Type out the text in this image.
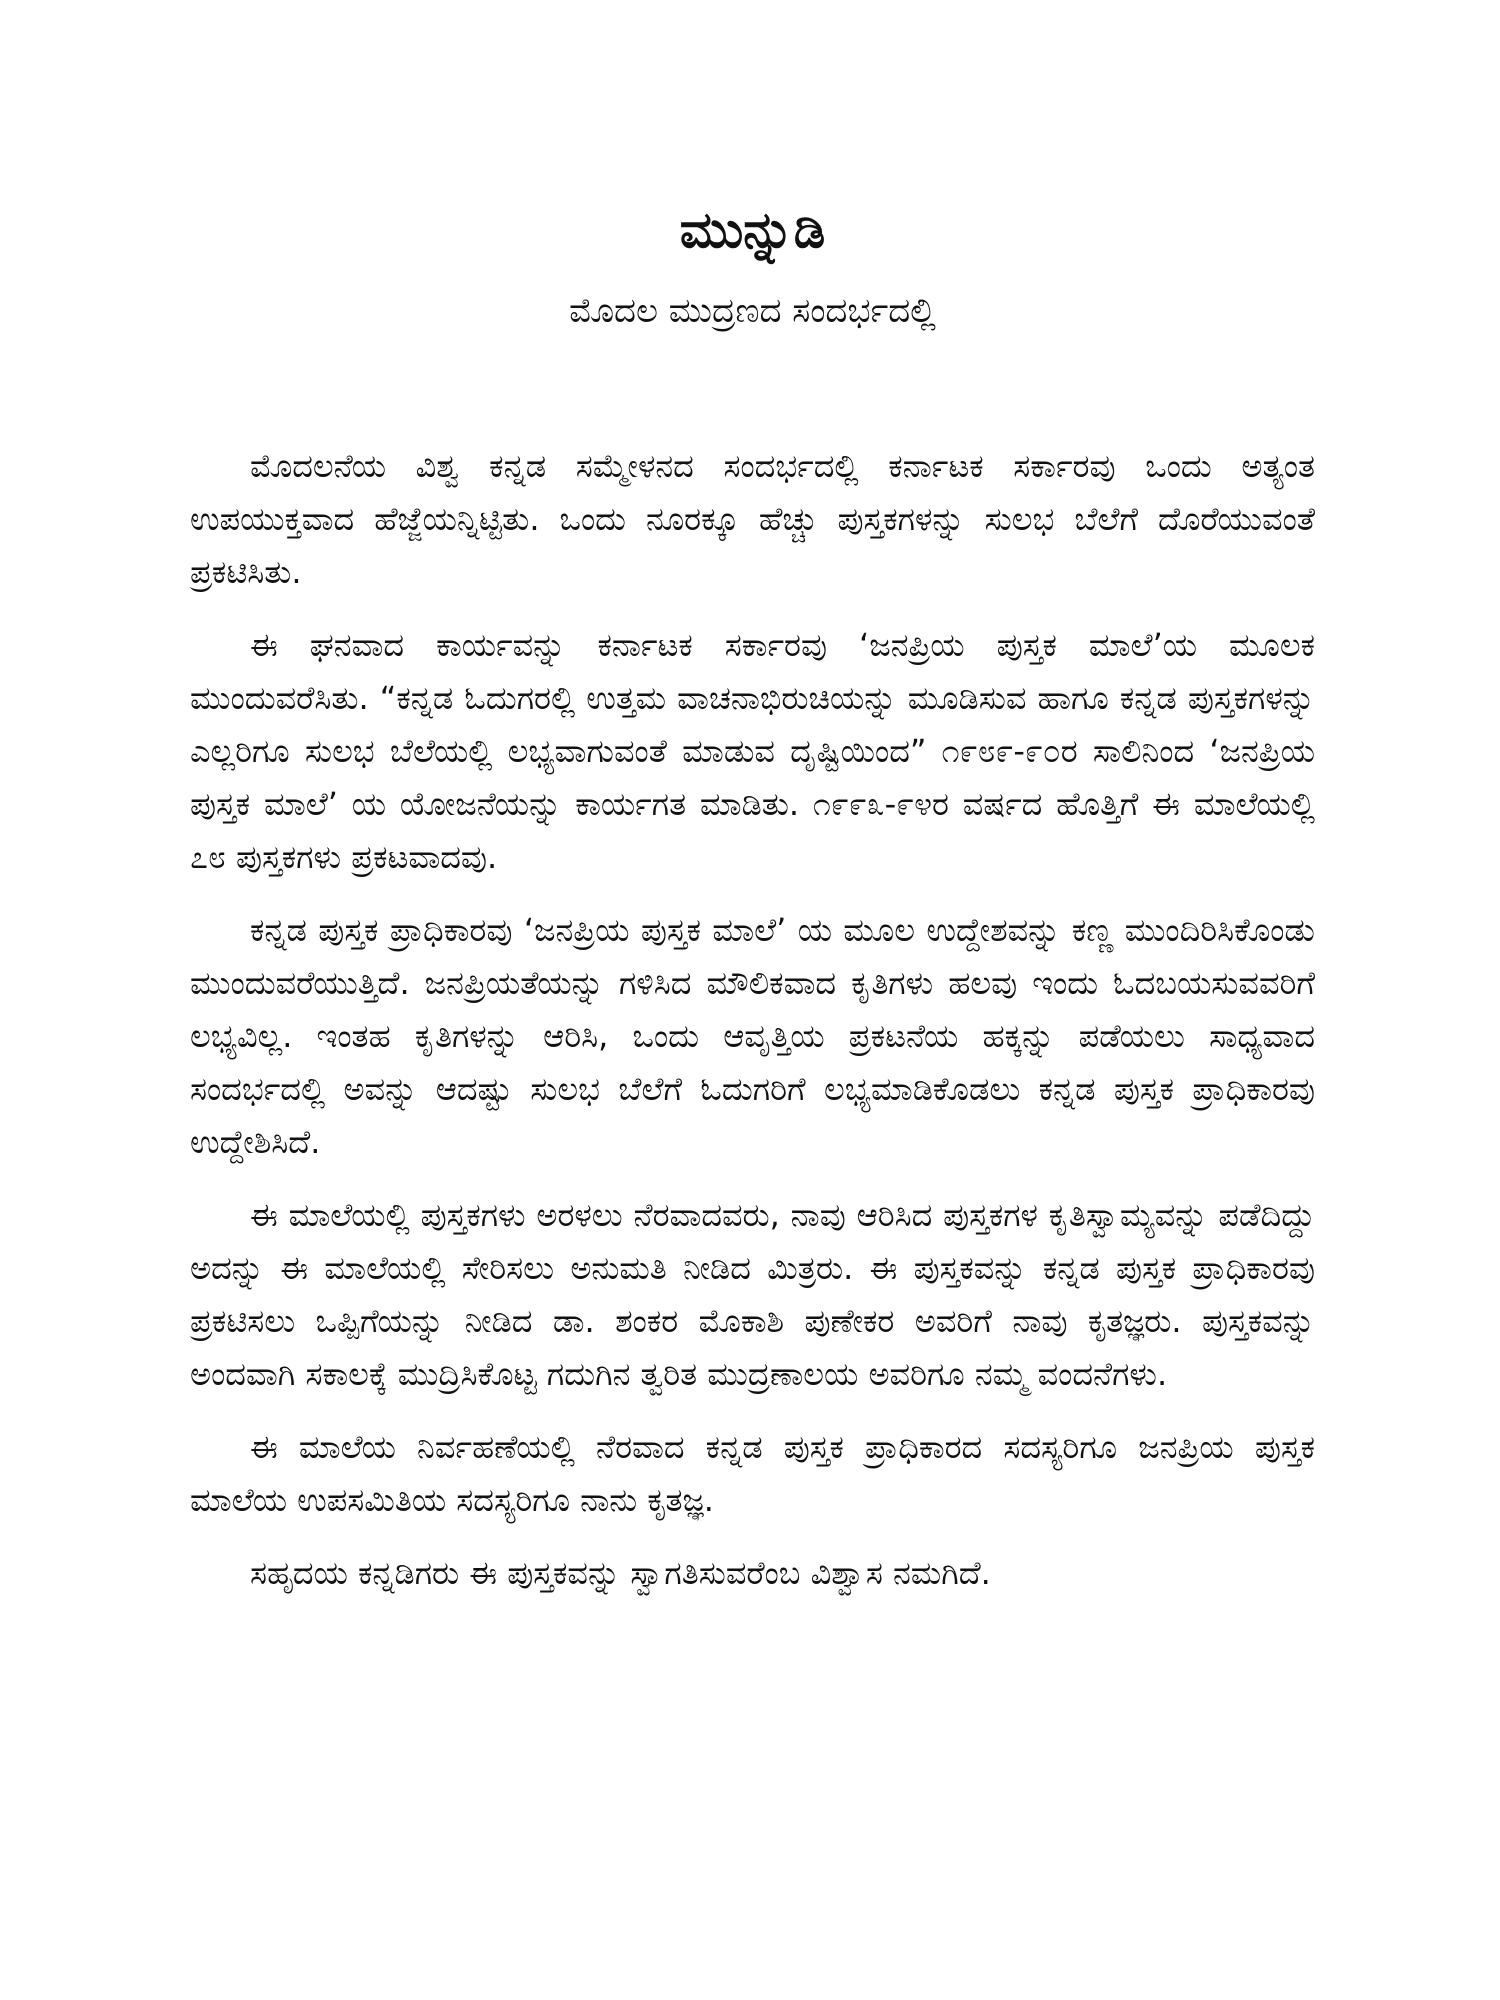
ಮುನ್ನುಡಿ
ಮೊದಲ ಮುದ್ರಣದ ಸಂದರ್ಭದಲ್ಲಿ

ಮೊದಲನೆಯ ವಿಶ್ವ ಕನ್ನಡ ಸಮ್ಮೇಳನದ ಸಂದರ್ಭದಲ್ಲಿ ಕರ್ನಾಟಕ ಸರ್ಕಾರವು ಒಂದು ಅತ್ಯಂತ ಉಪಯುಕ್ತವಾದ ಹೆಜ್ಜೆಯನ್ನಿಟ್ಟಿತು. ಒಂದು ನೂರಕ್ಕೂ ಹೆಚ್ಚು ಪುಸ್ತಕಗಳನ್ನು ಸುಲಭ ಬೆಲೆಗೆ ದೊರೆಯುವಂತೆ ಪ್ರಕಟಿಸಿತು.

ಈ ಘನವಾದ ಕಾರ್ಯವನ್ನು ಕರ್ನಾಟಕ ಸರ್ಕಾರವು ‘ಜನಪ್ರಿಯ ಪುಸ್ತಕ ಮಾಲೆ’ಯ ಮೂಲಕ ಮುಂದುವರೆಸಿತು. “ಕನ್ನಡ ಓದುಗರಲ್ಲಿ ಉತ್ತಮ ವಾಚನಾಭಿರುಚಿಯನ್ನು ಮೂಡಿಸುವ ಹಾಗೂ ಕನ್ನಡ ಪುಸ್ತಕಗಳನ್ನು ಎಲ್ಲರಿಗೂ ಸುಲಭ ಬೆಲೆಯಲ್ಲಿ ಲಭ್ಯವಾಗುವಂತೆ ಮಾಡುವ ದೃಷ್ಟಿಯಿಂದ” ೧೯೮೯-೯೦ರ ಸಾಲಿನಿಂದ ‘ಜನಪ್ರಿಯ ಪುಸ್ತಕ ಮಾಲೆ’ ಯ ಯೋಜನೆಯನ್ನು ಕಾರ್ಯಗತ ಮಾಡಿತು. ೧೯೯೩-೯೪ರ ವರ್ಷದ ಹೊತ್ತಿಗೆ ಈ ಮಾಲೆಯಲ್ಲಿ ೭೮ ಪುಸ್ತಕಗಳು ಪ್ರಕಟವಾದವು.

ಕನ್ನಡ ಪುಸ್ತಕ ಪ್ರಾಧಿಕಾರವು ‘ಜನಪ್ರಿಯ ಪುಸ್ತಕ ಮಾಲೆ’ ಯ ಮೂಲ ಉದ್ದೇಶವನ್ನು ಕಣ್ಣ ಮುಂದಿರಿಸಿಕೊಂಡು ಮುಂದುವರೆಯುತ್ತಿದೆ. ಜನಪ್ರಿಯತೆಯನ್ನು ಗಳಿಸಿದ ಮೌಲಿಕವಾದ ಕೃತಿಗಳು ಹಲವು ಇಂದು ಓದಬಯಸುವವರಿಗೆ ಲಭ್ಯವಿಲ್ಲ. ಇಂತಹ ಕೃತಿಗಳನ್ನು ಆರಿಸಿ, ಒಂದು ಆವೃತ್ತಿಯ ಪ್ರಕಟನೆಯ ಹಕ್ಕನ್ನು ಪಡೆಯಲು ಸಾಧ್ಯವಾದ ಸಂದರ್ಭದಲ್ಲಿ ಅವನ್ನು ಆದಷ್ಟು ಸುಲಭ ಬೆಲೆಗೆ ಓದುಗರಿಗೆ ಲಭ್ಯಮಾಡಿಕೊಡಲು ಕನ್ನಡ ಪುಸ್ತಕ ಪ್ರಾಧಿಕಾರವು ಉದ್ದೇಶಿಸಿದೆ.

ಈ ಮಾಲೆಯಲ್ಲಿ ಪುಸ್ತಕಗಳು ಅರಳಲು ನೆರವಾದವರು, ನಾವು ಆರಿಸಿದ ಪುಸ್ತಕಗಳ ಕೃತಿಸ್ವಾಮ್ಯವನ್ನು ಪಡೆದಿದ್ದು ಅದನ್ನು ಈ ಮಾಲೆಯಲ್ಲಿ ಸೇರಿಸಲು ಅನುಮತಿ ನೀಡಿದ ಮಿತ್ರರು. ಈ ಪುಸ್ತಕವನ್ನು ಕನ್ನಡ ಪುಸ್ತಕ ಪ್ರಾಧಿಕಾರವು ಪ್ರಕಟಿಸಲು ಒಪ್ಪಿಗೆಯನ್ನು ನೀಡಿದ ಡಾ. ಶಂಕರ ಮೊಕಾಶಿ ಪುಣೇಕರ ಅವರಿಗೆ ನಾವು ಕೃತಜ್ಞರು. ಪುಸ್ತಕವನ್ನು ಅಂದವಾಗಿ ಸಕಾಲಕ್ಕೆ ಮುದ್ರಿಸಿಕೊಟ್ಟ ಗದುಗಿನ ತ್ವರಿತ ಮುದ್ರಣಾಲಯ ಅವರಿಗೂ ನಮ್ಮ ವಂದನೆಗಳು.

ಈ ಮಾಲೆಯ ನಿರ್ವಹಣೆಯಲ್ಲಿ ನೆರವಾದ ಕನ್ನಡ ಪುಸ್ತಕ ಪ್ರಾಧಿಕಾರದ ಸದಸ್ಯರಿಗೂ ಜನಪ್ರಿಯ ಪುಸ್ತಕ ಮಾಲೆಯ ಉಪಸಮಿತಿಯ ಸದಸ್ಯರಿಗೂ ನಾನು ಕೃತಜ್ಞ.

ಸಹೃದಯ ಕನ್ನಡಿಗರು ಈ ಪುಸ್ತಕವನ್ನು ಸ್ವಾಗತಿಸುವರೆಂಬ ವಿಶ್ವಾಸ ನಮಗಿದೆ.
